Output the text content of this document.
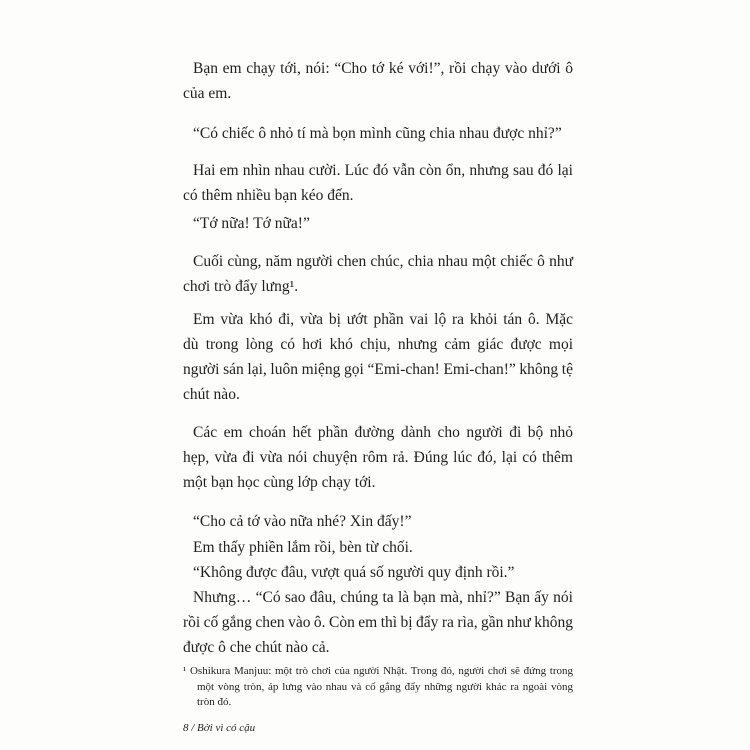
Bạn em chạy tới, nói: “Cho tớ ké với!”, rồi chạy vào dưới ô
của em.
“Có chiếc ô nhỏ tí mà bọn mình cũng chia nhau được nhỉ?”
Hai em nhìn nhau cười. Lúc đó vẫn còn ổn, nhưng sau đó lại
có thêm nhiều bạn kéo đến.
“Tớ nữa! Tớ nữa!”
Cuối cùng, năm người chen chúc, chia nhau một chiếc ô như
chơi trò đẩy lưng¹.
Em vừa khó đi, vừa bị ướt phần vai lộ ra khỏi tán ô. Mặc
dù trong lòng có hơi khó chịu, nhưng cảm giác được mọi
người sán lại, luôn miệng gọi “Emi-chan! Emi-chan!” không tệ
chút nào.
Các em choán hết phần đường dành cho người đi bộ nhỏ
hẹp, vừa đi vừa nói chuyện rôm rả. Đúng lúc đó, lại có thêm
một bạn học cùng lớp chạy tới.
“Cho cả tớ vào nữa nhé? Xin đấy!”
Em thấy phiền lắm rồi, bèn từ chối.
“Không được đâu, vượt quá số người quy định rồi.”
Nhưng… “Có sao đâu, chúng ta là bạn mà, nhỉ?” Bạn ấy nói
rồi cố gắng chen vào ô. Còn em thì bị đẩy ra rìa, gần như không
được ô che chút nào cả.
¹ Oshikura Manjuu: một trò chơi của người Nhật. Trong đó, người chơi sẽ đứng trong
một vòng tròn, áp lưng vào nhau và cố gắng đẩy những người khác ra ngoài vòng
tròn đó.
8 / Bởi vì có cậu
